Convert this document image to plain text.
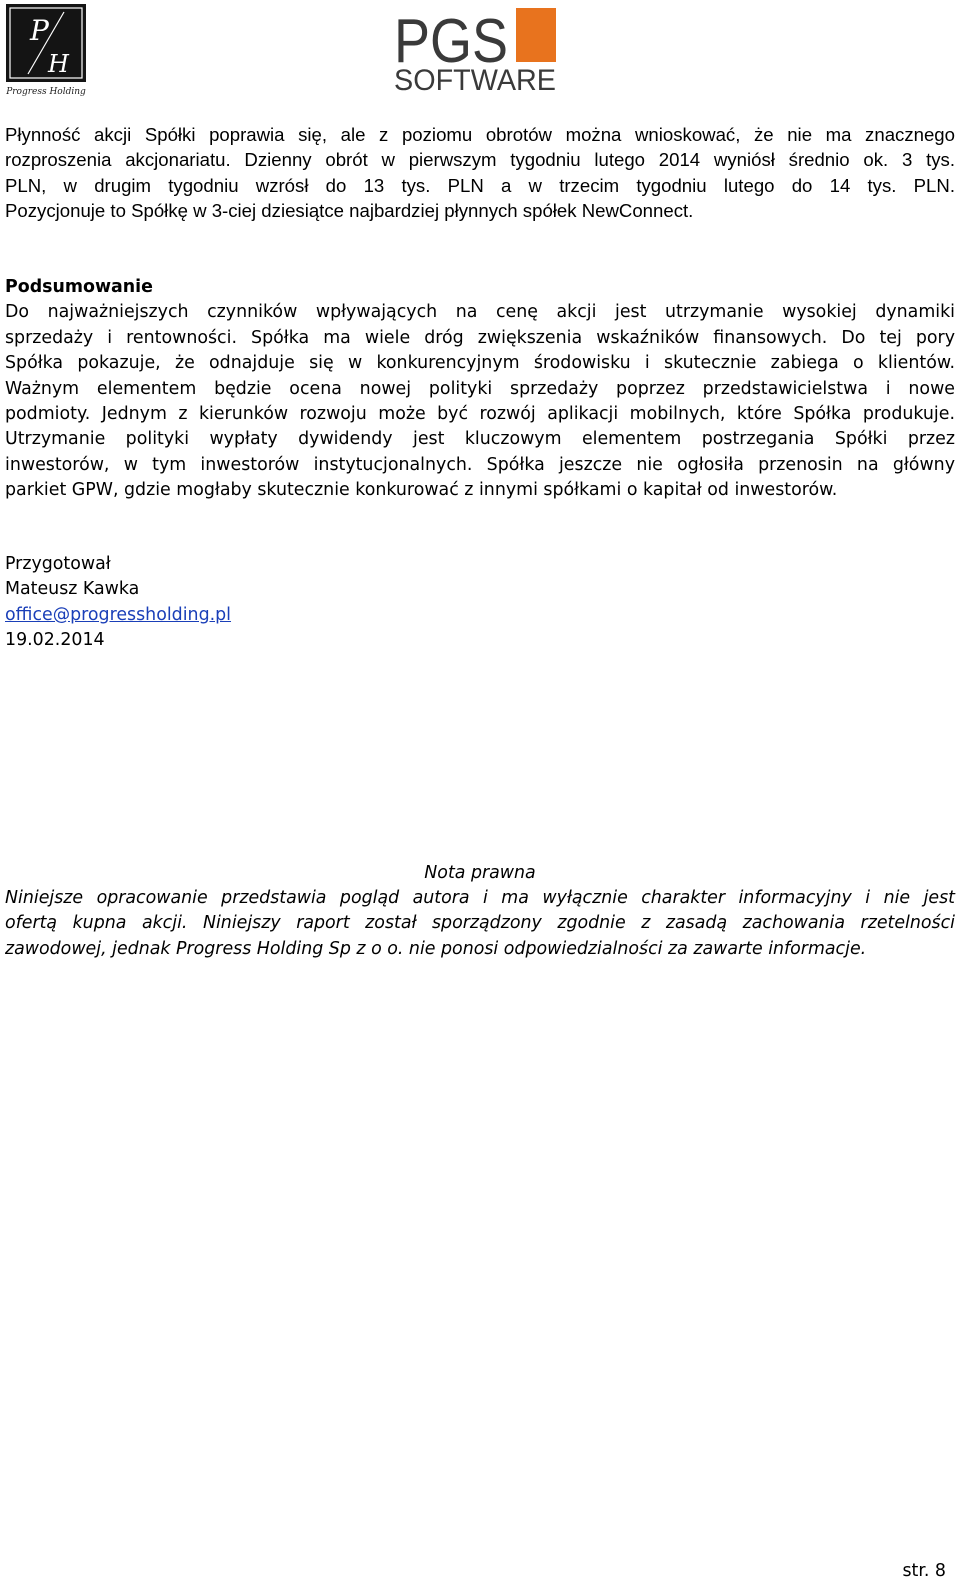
P
H
Progress Holding
PGS
SOFTWARE
Płynność akcji Spółki poprawia się, ale z poziomu obrotów można wnioskować, że nie ma znacznego
rozproszenia akcjonariatu. Dzienny obrót w pierwszym tygodniu lutego 2014 wyniósł średnio ok. 3 tys.
PLN, w drugim tygodniu wzrósł do 13 tys. PLN a w trzecim tygodniu lutego do 14 tys. PLN.
Pozycjonuje to Spółkę w 3-ciej dziesiątce najbardziej płynnych spółek NewConnect.
Podsumowanie
Do najważniejszych czynników wpływających na cenę akcji jest utrzymanie wysokiej dynamiki
sprzedaży i rentowności. Spółka ma wiele dróg zwiększenia wskaźników finansowych. Do tej pory
Spółka pokazuje, że odnajduje się w konkurencyjnym środowisku i skutecznie zabiega o klientów.
Ważnym elementem będzie ocena nowej polityki sprzedaży poprzez przedstawicielstwa i nowe
podmioty. Jednym z kierunków rozwoju może być rozwój aplikacji mobilnych, które Spółka produkuje.
Utrzymanie polityki wypłaty dywidendy jest kluczowym elementem postrzegania Spółki przez
inwestorów, w tym inwestorów instytucjonalnych. Spółka jeszcze nie ogłosiła przenosin na główny
parkiet GPW, gdzie mogłaby skutecznie konkurować z innymi spółkami o kapitał od inwestorów.
Przygotował
Mateusz Kawka
office@progressholding.pl
19.02.2014
Nota prawna
Niniejsze opracowanie przedstawia pogląd autora i ma wyłącznie charakter informacyjny i nie jest
ofertą kupna akcji. Niniejszy raport został sporządzony zgodnie z zasadą zachowania rzetelności
zawodowej, jednak Progress Holding Sp z o o. nie ponosi odpowiedzialności za zawarte informacje.
str. 8
